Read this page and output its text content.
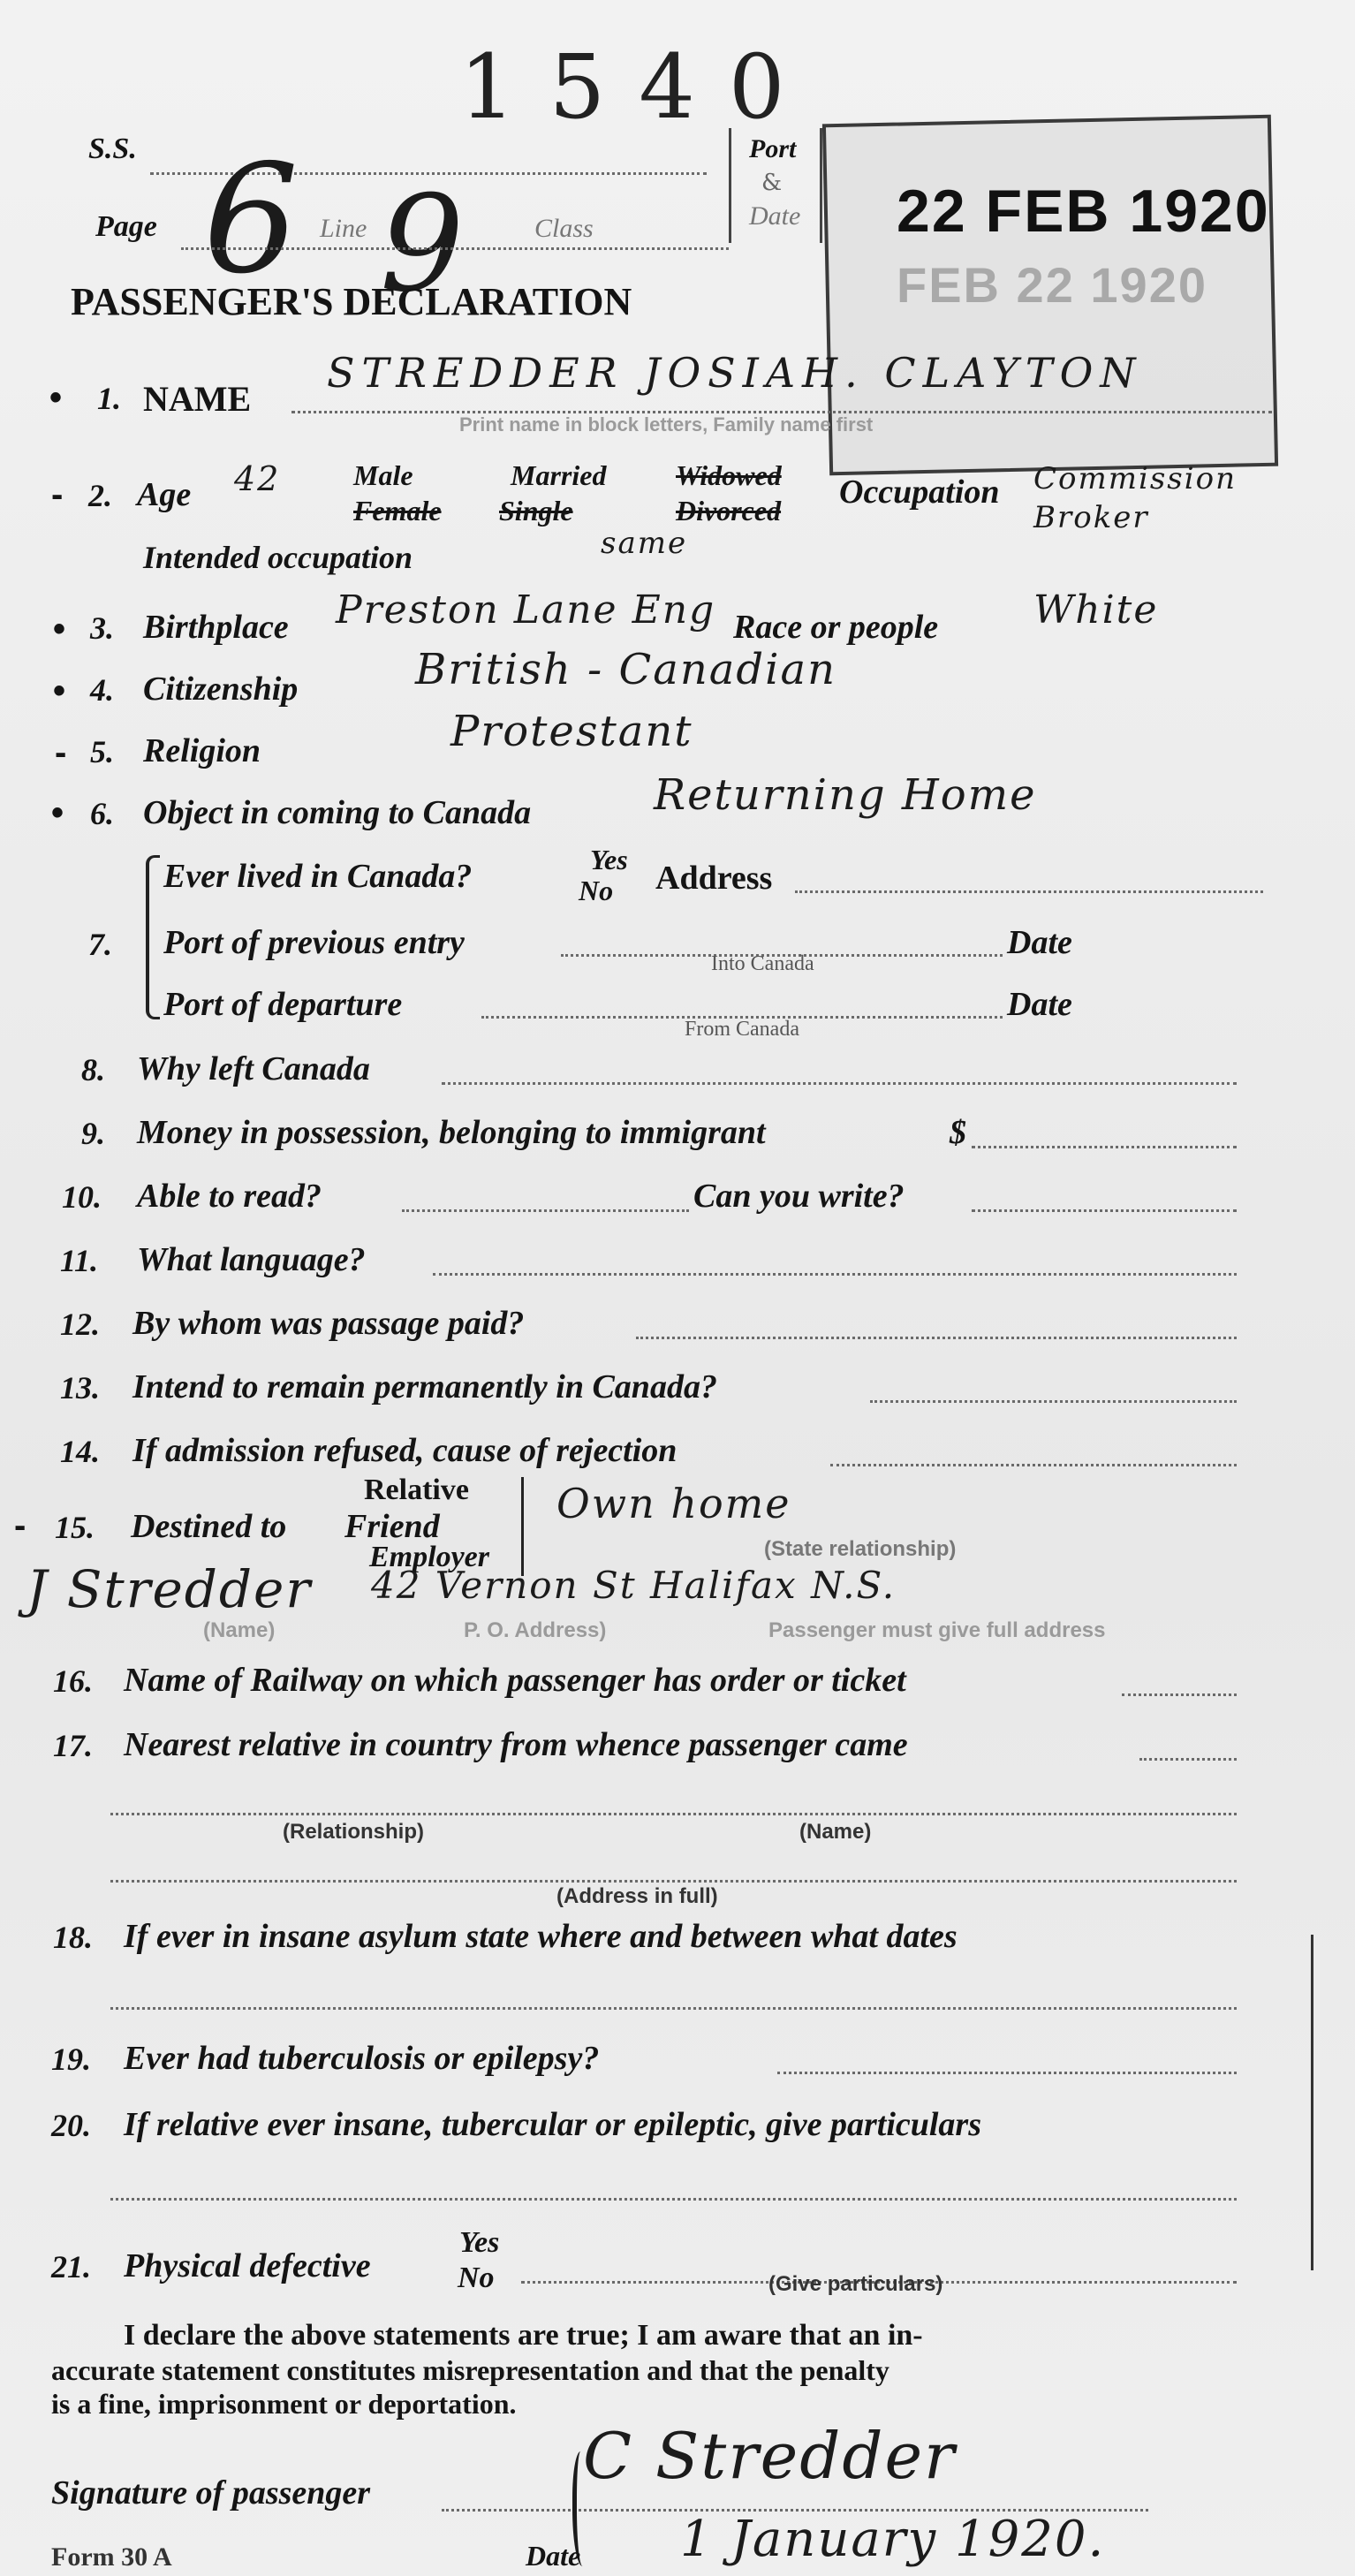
1540
S.S.
Page 6 Line 9	Class
Port
&
Date 22 FEB 1920
FEB 22 1920
PASSENGER'S DECLARATION
• 1. NAME
STREDDER JOSIAH. CLAYTON
Print name in block letters, Family name first
- 2. Age 42	Male
Female
Married
Single
Widowed
Divorced Occupation Commission Broker
Intended occupation	same
• 3. Birthplace Preston Lane Eng Race or people White
• 4. Citizenship	British - Canadian
- 5. Religion	Protestant
• 6. Object in coming to Canada	Returning Home
7.
Ever lived in Canada?	Yes
No Address
Port of previous entry	Date
Into Canada
Port of departure	Date
From Canada
8. Why left Canada
9. Money in possession, belonging to immigrant	$
10. Able to read?	Can you write?
11. What language?
12. By whom was passage paid?
13. Intend to remain permanently in Canada?
14. If admission refused, cause of rejection
- 15. Destined to
Relative
Friend
Employer
Own home
(State relationship)
J Stredder 42 Vernon St Halifax N.S.
(Name)	P. O. Address)	Passenger must give full address
16. Name of Railway on which passenger has order or ticket
17. Nearest relative in country from whence passenger came
(Relationship)	(Name)
(Address in full)
18. If ever in insane asylum state where and between what dates
19. Ever had tuberculosis or epilepsy?
20. If relative ever insane, tubercular or epileptic, give particulars
21. Physical defective
Yes
No	(Give particulars)
I declare the above statements are true; I am aware that an in-
accurate statement constitutes misrepresentation and that the penalty
is a fine, imprisonment or deportation.
Signature of passenger	C Stredder
Form 30 A	Date 1 January 1920.
